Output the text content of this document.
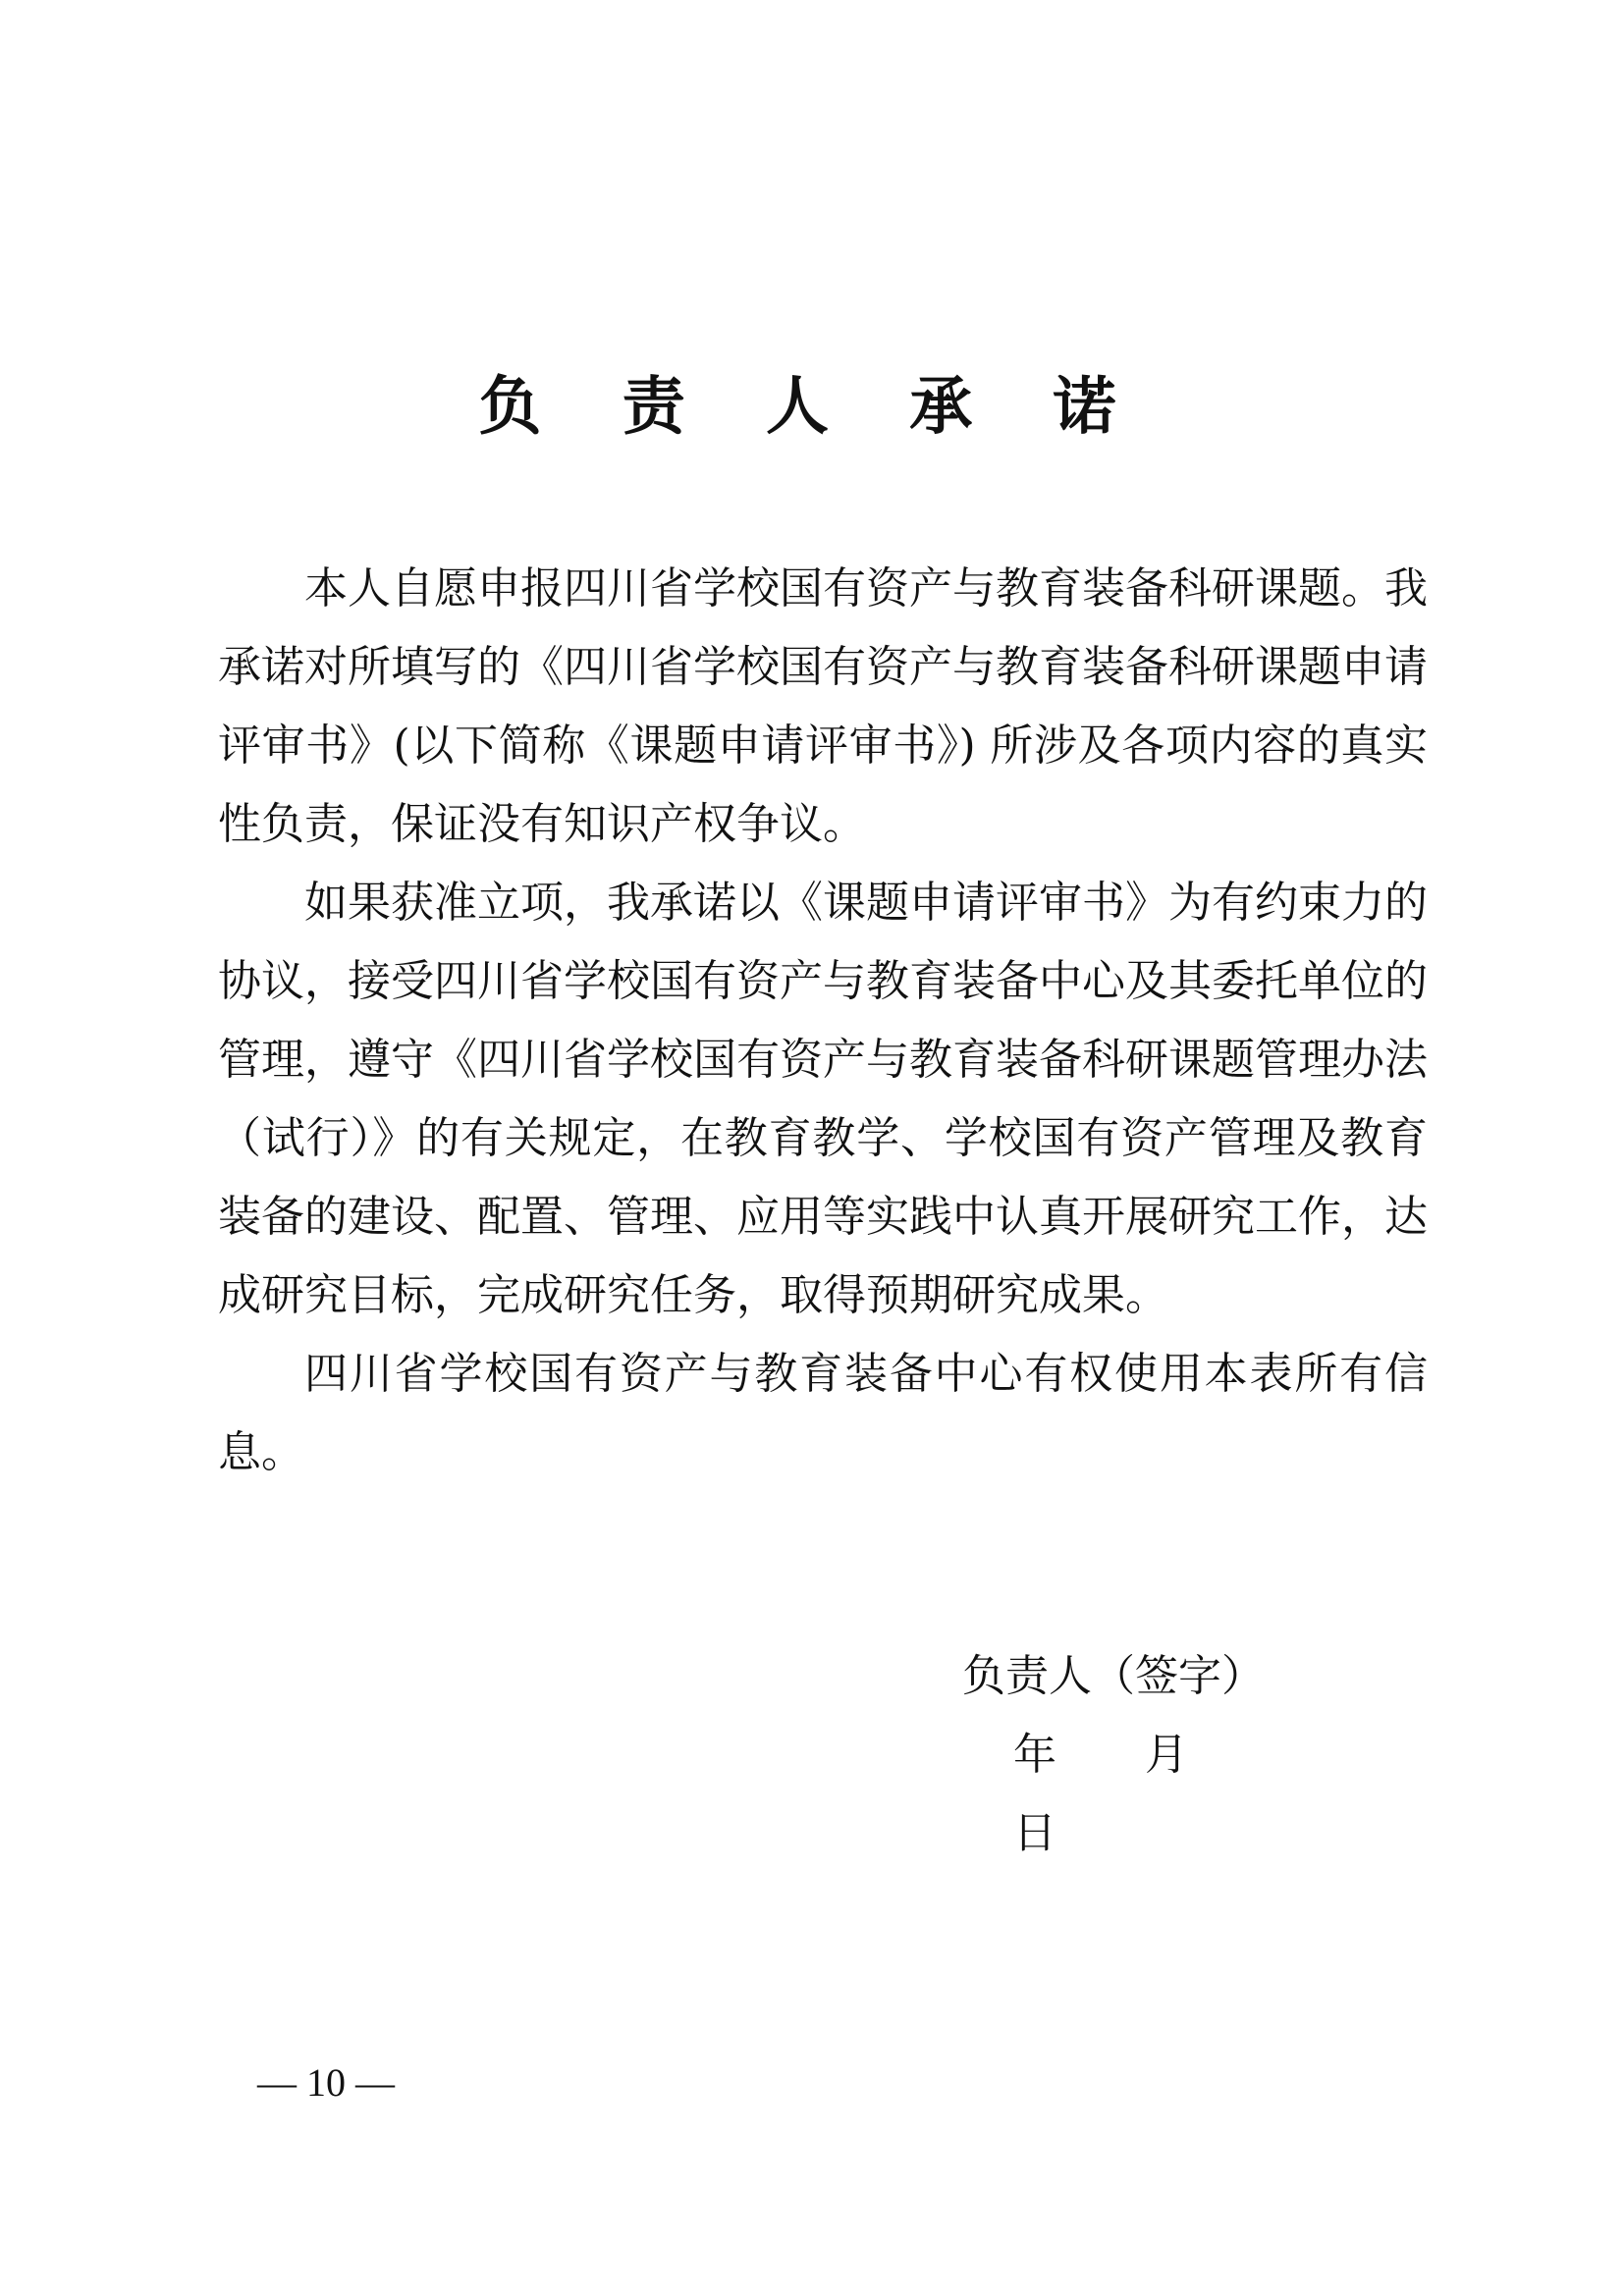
负 责 人 承 诺

本人自愿申报四川省学校国有资产与教育装备科研课题。我承诺对所填写的《四川省学校国有资产与教育装备科研课题申请评审书》(以下简称《课题申请评审书》) 所涉及各项内容的真实性负责，保证没有知识产权争议。

如果获准立项，我承诺以《课题申请评审书》为有约束力的协议，接受四川省学校国有资产与教育装备中心及其委托单位的管理，遵守《四川省学校国有资产与教育装备科研课题管理办法（试行）》的有关规定，在教育教学、学校国有资产管理及教育装备的建设、配置、管理、应用等实践中认真开展研究工作，达成研究目标，完成研究任务，取得预期研究成果。

四川省学校国有资产与教育装备中心有权使用本表所有信息。

负责人（签字）
年 月 日
— 10 —
